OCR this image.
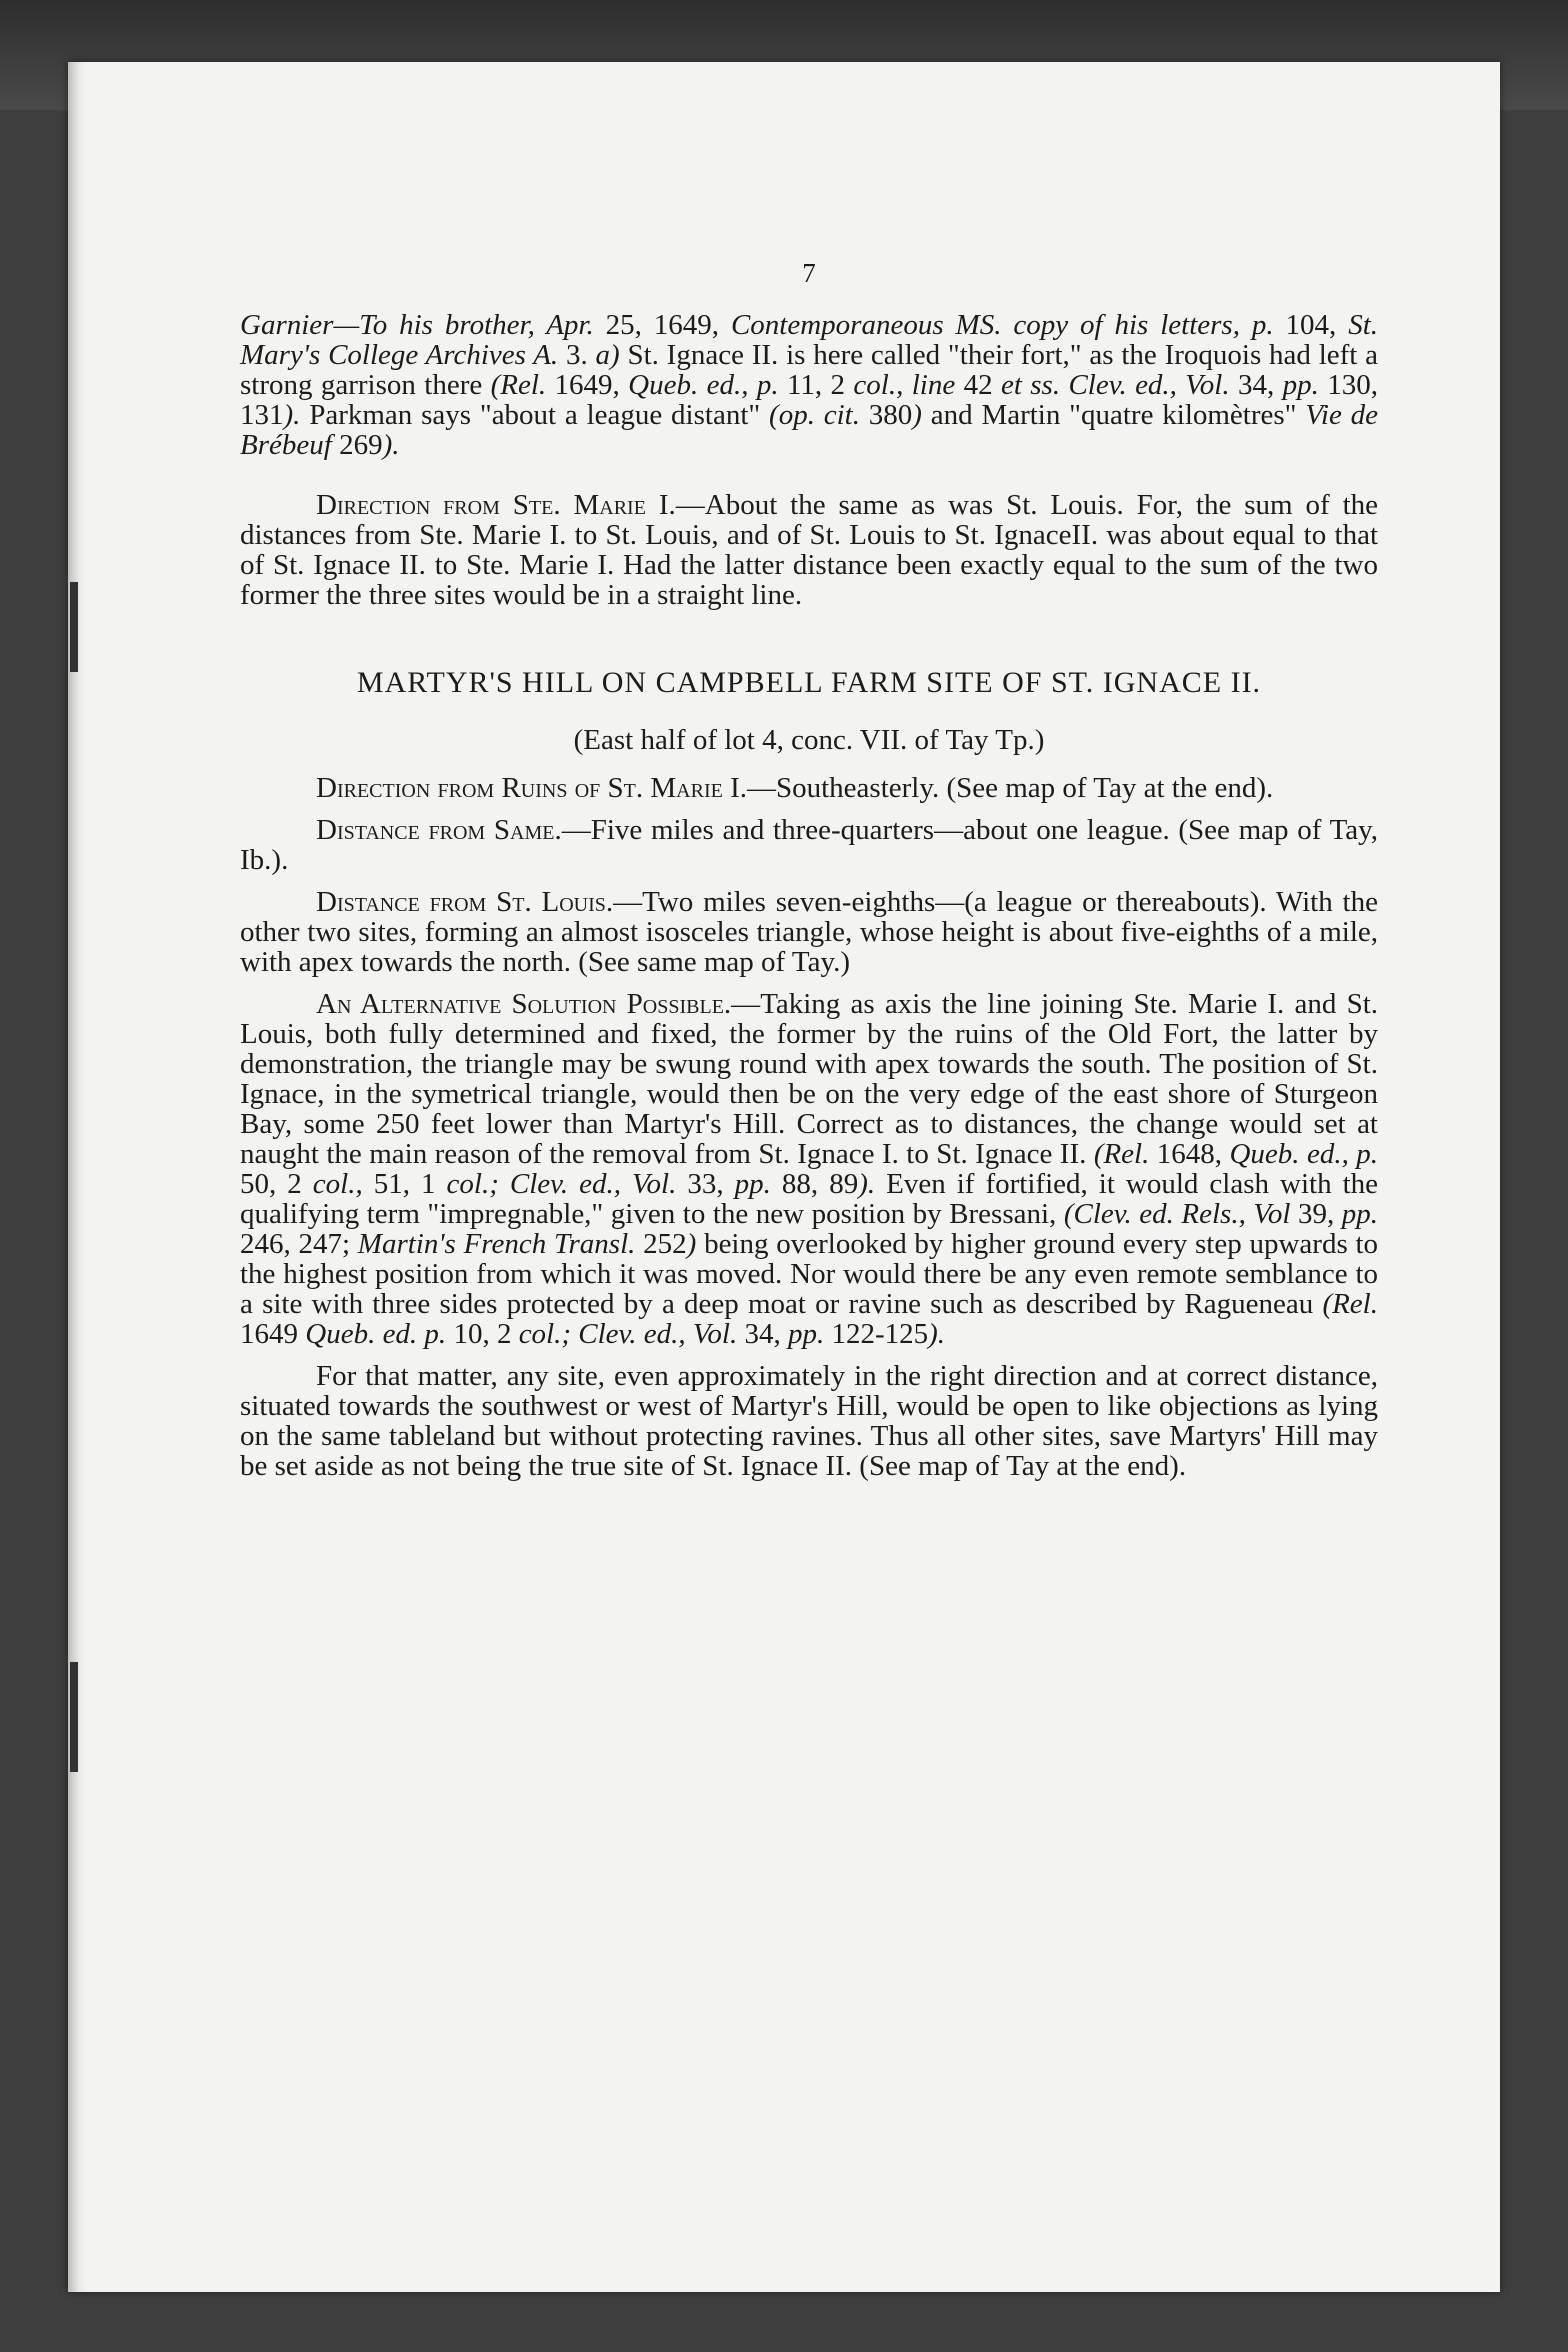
7

Garnier—To his brother, Apr. 25, 1649, Contemporaneous MS. copy of his letters, p. 104, St. Mary's College Archives A. 3. a) St. Ignace II. is here called "their fort," as the Iroquois had left a strong garrison there (Rel. 1649, Queb. ed., p. 11, 2 col., line 42 et ss. Clev. ed., Vol. 34, pp. 130, 131). Parkman says "about a league distant" (op. cit. 380) and Martin "quatre kilomètres" Vie de Brébeuf 269).

Direction from Ste. Marie I.—About the same as was St. Louis. For, the sum of the distances from Ste. Marie I. to St. Louis, and of St. Louis to St. IgnaceII. was about equal to that of St. Ignace II. to Ste. Marie I. Had the latter distance been exactly equal to the sum of the two former the three sites would be in a straight line.

MARTYR'S HILL ON CAMPBELL FARM SITE OF ST. IGNACE II.
(East half of lot 4, conc. VII. of Tay Tp.)

Direction from Ruins of St. Marie I.—Southeasterly. (See map of Tay at the end).

Distance from Same.—Five miles and three-quarters—about one league. (See map of Tay, Ib.).

Distance from St. Louis.—Two miles seven-eighths—(a league or thereabouts). With the other two sites, forming an almost isosceles triangle, whose height is about five-eighths of a mile, with apex towards the north. (See same map of Tay.)

An Alternative Solution Possible.—Taking as axis the line joining Ste. Marie I. and St. Louis, both fully determined and fixed, the former by the ruins of the Old Fort, the latter by demonstration, the triangle may be swung round with apex towards the south. The position of St. Ignace, in the symetrical triangle, would then be on the very edge of the east shore of Sturgeon Bay, some 250 feet lower than Martyr's Hill. Correct as to distances, the change would set at naught the main reason of the removal from St. Ignace I. to St. Ignace II. (Rel. 1648, Queb. ed., p. 50, 2 col., 51, 1 col.; Clev. ed., Vol. 33, pp. 88, 89). Even if fortified, it would clash with the qualifying term "impregnable," given to the new position by Bressani, (Clev. ed. Rels., Vol 39, pp. 246, 247; Martin's French Transl. 252) being overlooked by higher ground every step upwards to the highest position from which it was moved. Nor would there be any even remote semblance to a site with three sides protected by a deep moat or ravine such as described by Ragueneau (Rel. 1649 Queb. ed. p. 10, 2 col.; Clev. ed., Vol. 34, pp. 122-125).

For that matter, any site, even approximately in the right direction and at correct distance, situated towards the southwest or west of Martyr's Hill, would be open to like objections as lying on the same tableland but without protecting ravines. Thus all other sites, save Martyrs' Hill may be set aside as not being the true site of St. Ignace II. (See map of Tay at the end).
